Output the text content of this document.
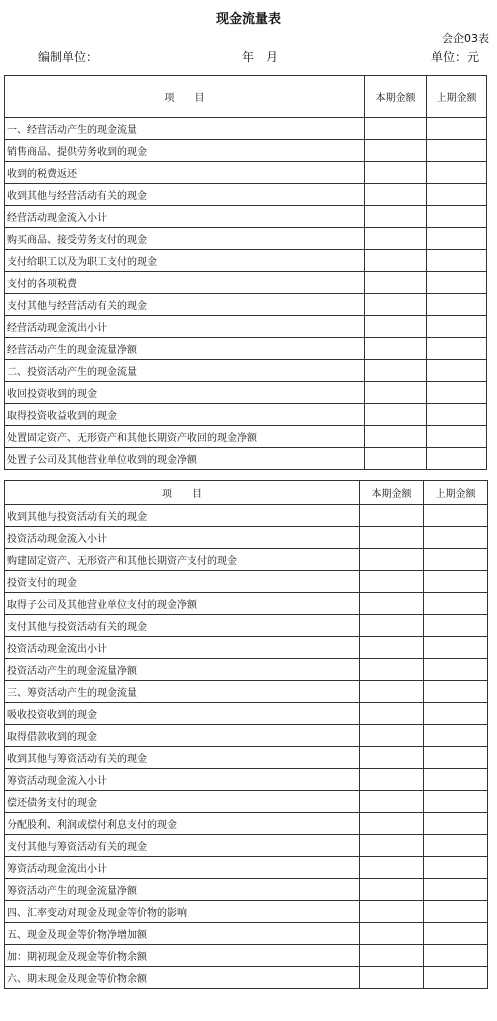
现金流量表
会企03表
编制单位：	年　月	单位：元
项　　目	本期金额	上期金额
一、经营活动产生的现金流量		
销售商品、提供劳务收到的现金		
收到的税费返还		
收到其他与经营活动有关的现金		
经营活动现金流入小计		
购买商品、接受劳务支付的现金		
支付给职工以及为职工支付的现金		
支付的各项税费		
支付其他与经营活动有关的现金		
经营活动现金流出小计		
经营活动产生的现金流量净额		
二、投资活动产生的现金流量		
收回投资收到的现金		
取得投资收益收到的现金		
处置固定资产、无形资产和其他长期资产收回的现金净额		
处置子公司及其他营业单位收到的现金净额		
项　　目	本期金额	上期金额
收到其他与投资活动有关的现金		
投资活动现金流入小计		
购建固定资产、无形资产和其他长期资产支付的现金		
投资支付的现金		
取得子公司及其他营业单位支付的现金净额		
支付其他与投资活动有关的现金		
投资活动现金流出小计		
投资活动产生的现金流量净额		
三、筹资活动产生的现金流量		
吸收投资收到的现金		
取得借款收到的现金		
收到其他与筹资活动有关的现金		
筹资活动现金流入小计		
偿还债务支付的现金		
分配股利、利润或偿付利息支付的现金		
支付其他与筹资活动有关的现金		
筹资活动现金流出小计		
筹资活动产生的现金流量净额		
四、汇率变动对现金及现金等价物的影响		
五、现金及现金等价物净增加额		
加：期初现金及现金等价物余额		
六、期末现金及现金等价物余额		
